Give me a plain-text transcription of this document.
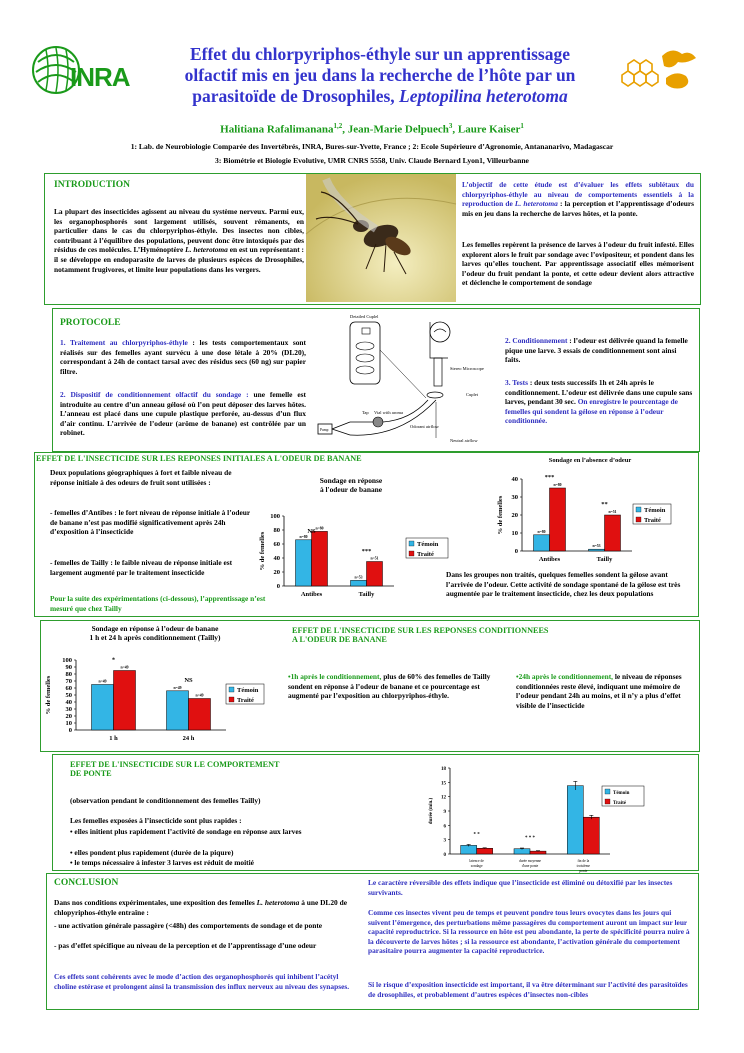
INRA
Effet du chlorpyriphos-éthyle sur un apprentissage
olfactif mis en jeu dans la recherche de l’hôte par un
parasitoïde de Drosophiles, Leptopilina heterotoma
Halitiana Rafalimanana$^{1,2}$, Jean-Marie Delpuech$^3$, Laure Kaiser$^1$
1: Lab. de Neurobiologie Comparée des Invertébrés, INRA, Bures-sur-Yvette, France ; 2: Ecole Supérieure d’Agronomie, Antananarivo, Madagascar
3: Biométrie et Biologie Evolutive, UMR CNRS 5558, Univ. Claude Bernard Lyon1, Villeurbanne
INTRODUCTION
La plupart des insecticides agissent au niveau du système nerveux. Parmi eux, les organophosphorés sont largement utilisés, souvent rémanents, en particulier dans le cas du chlorpyriphos-éthyle. Des insectes non cibles, contribuant à l’équilibre des populations, peuvent donc être intoxiqués par des résidus de ces molécules. L’Hyménoptère L. heterotoma en est un représentant : il se développe en endoparasite de larves de plusieurs espèces de Drosophiles, notamment frugivores, et limite leur populations dans les vergers.
L’objectif de cette étude est d’évaluer les effets sublétaux du chlorpyriphos-éthyle au niveau de comportements essentiels à la reproduction de L. heterotoma : la perception et l’apprentissage d’odeurs mis en jeu dans la recherche de larves hôtes, et la ponte.
Les femelles repèrent la présence de larves à l’odeur du fruit infesté. Elles explorent alors le fruit par sondage avec l’ovipositeur, et pondent dans les larves qu’elles touchent. Par apprentissage associatif elles mémorisent l’odeur du fruit pendant la ponte, et cette odeur devient alors attractive et déclenche le comportement de sondage
PROTOCOLE
1. Traitement au chlorpyriphos-éthyle : les tests comportementaux sont réalisés sur des femelles ayant survécu à une dose létale à 20% (DL20), correspondant à 24h de contact tarsal avec des résidus secs (60 ng) sur papier filtre.
2. Dispositif de conditionnement olfactif du sondage : une femelle est introduite au centre d’un anneau gélosé où l’on peut déposer des larves hôtes. L’anneau est placé dans une cupule plastique perforée, au-dessus d’un flux d’air continu. L’arrivée de l’odeur (arôme de banane) est contrôlée par un robinet.
Detailed Cuplel
Stereo Microscope
Cuplet
Tap Vial with aroma
Odorant airflow
Neutral airflow
Pump
2. Conditionnement : l’odeur est délivrée quand la femelle pique une larve. 3 essais de conditionnement sont ainsi faits.
3. Tests : deux tests successifs 1h et 24h après le conditionnement. L’odeur est délivrée dans une cupule sans larves, pendant 30 sec. On enregistre le pourcentage de femelles qui sondent la gélose en réponse à l’odeur conditionnée.
EFFET DE L'INSECTICIDE SUR LES REPONSES INITIALES A L'ODEUR DE BANANE
Deux populations géographiques à fort et faible niveau de réponse initiale à des odeurs de fruit sont utilisées :
- femelles d’Antibes : le fort niveau de réponse initiale à l’odeur de banane n’est pas modifié significativement après 24h d’exposition à l’insecticide
- femelles de Tailly : le faible niveau de réponse initiale est largement augmenté par le traitement insecticide
Pour la suite des expérimentations (ci-dessous), l’apprentissage n’est mesuré que chez Tailly
Sondage en réponse
à l'odeur de banane
0
20
40
60
80
100
% de femelles	n=80
n=80
NS
Antibes
n=53
n=51
***
Tailly
Témoin
Traité	0
10
20
30
40
% de femelles	n=80
n=80
***
Antibes
n=53
n=51
**
Tailly
Témoin
Traité
Sondage en l’absence d’odeur
Dans les groupes non traités, quelques femelles sondent la gélose avant l’arrivée de l’odeur. Cette activité de sondage spontané de la gélose est très augmentée par le traitement insecticide, chez les deux populations
Sondage en réponse à l’odeur de banane
1 h et 24 h après conditionnement (Tailly)
0
10
20
30
40
50
60
70
80
90
100
% de femelles	n=49
n=49
*
1 h
n=49
n=49
NS
24 h
Témoin
Traité
EFFET DE L'INSECTICIDE SUR LES REPONSES CONDITIONNEES
A L'ODEUR DE BANANE
•1h après le conditionnement, plus de 60% des femelles de Tailly sondent en réponse à l’odeur de banane et ce pourcentage est augmenté par l’exposition au chlorpyriphos-éthyle.
•24h après le conditionnement, le niveau de réponses conditionnées reste élevé, indiquant une mémoire de l’odeur pendant 24h au moins, et il n’y a plus d’effet visible de l’insecticide
EFFET DE L'INSECTICIDE SUR LE COMPORTEMENT
DE PONTE
(observation pendant le conditionnement des femelles Tailly)
Les femelles exposées à l’insecticide sont plus rapides :
• elles initient plus rapidement l’activité de sondage en réponse aux larves
• elles pondent plus rapidement (durée de la piqure)
• le temps nécessaire à infester 3 larves est réduit de moitié
0
3
6
9
12
15
18
durée (min.)
* *
latence de
sondage
* * *
durée moyenne
d'une ponte
fin de la
troisième
ponte
Témoin
Traité
CONCLUSION
Dans nos conditions expérimentales, une exposition des femelles L. heterotoma à une DL20 de chlopyriphos-éthyle entraîne :
- une activation générale passagère (<48h) des comportements de sondage et de ponte
- pas d’effet spécifique au niveau de la perception et de l’apprentissage d’une odeur
Ces effets sont cohérents avec le mode d’action des organophosphorés qui inhibent l’acétyl choline estérase et prolongent ainsi la transmission des influx nerveux au niveau des synapses.
Le caractère réversible des effets indique que l’insecticide est éliminé ou détoxifié par les insectes survivants.
Comme ces insectes vivent peu de temps et peuvent pondre tous leurs ovocytes dans les jours qui suivent l’émergence, des perturbations même passagères du comportement auront un impact sur leur capacité reproductrice. Si la ressource en hôte est peu abondante, la perte de spécificité pourra nuire à la découverte de larves hôtes ; si la ressource est abondante, l’activation générale du comportement parasitaire pourra augmenter la capacité reproductrice.
Si le risque d’exposition insecticide est important, il va être déterminant sur l’activité des parasitoïdes de drosophiles, et probablement d’autres espèces d’insectes non-cibles
